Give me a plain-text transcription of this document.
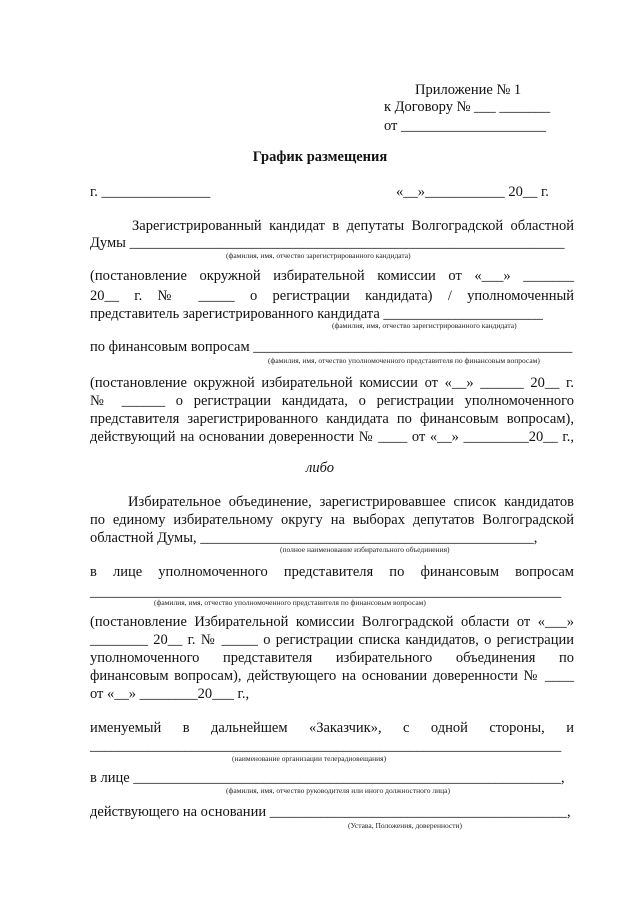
Приложение № 1
к Договору № ___ _______
от ____________________
График размещения
г. _______________	«__»___________ 20__ г.
Зарегистрированный кандидат в депутаты Волгоградской областной
Думы ____________________________________________________________
(фамилия, имя, отчество зарегистрированного кандидата)
(постановление окружной избирательной комиссии от «___» _______
20__ г. № _____ о регистрации кандидата) / уполномоченный
представитель зарегистрированного кандидата ______________________
(фамилия, имя, отчество зарегистрированного кандидата)
по финансовым вопросам ____________________________________________
(фамилия, имя, отчество уполномоченного представителя по финансовым вопросам)
(постановление окружной избирательной комиссии от «__» ______ 20__ г.
№ ______ о регистрации кандидата, о регистрации уполномоченного
представителя зарегистрированного кандидата по финансовым вопросам),
действующий на основании доверенности № ____ от «__» _________20__ г.,
либо
Избирательное объединение, зарегистрировавшее список кандидатов
по единому избирательному округу на выборах депутатов Волгоградской
областной Думы, ______________________________________________,
(полное наименование избирательного объединения)
в лице уполномоченного представителя по финансовым вопросам
_________________________________________________________________
(фамилия, имя, отчество уполномоченного представителя по финансовым вопросам)
(постановление Избирательной комиссии Волгоградской области от «___»
________ 20__ г. № _____ о регистрации списка кандидатов, о регистрации
уполномоченного представителя избирательного объединения по
финансовым вопросам), действующего на основании доверенности № ____
от «__» ________20___ г.,
именуемый в дальнейшем «Заказчик», с одной стороны, и
_________________________________________________________________
(наименование организации телерадиовещания)
в лице ___________________________________________________________,
(фамилия, имя, отчество руководителя или иного должностного лица)
действующего на основании _________________________________________,
(Устава, Положения, доверенности)
